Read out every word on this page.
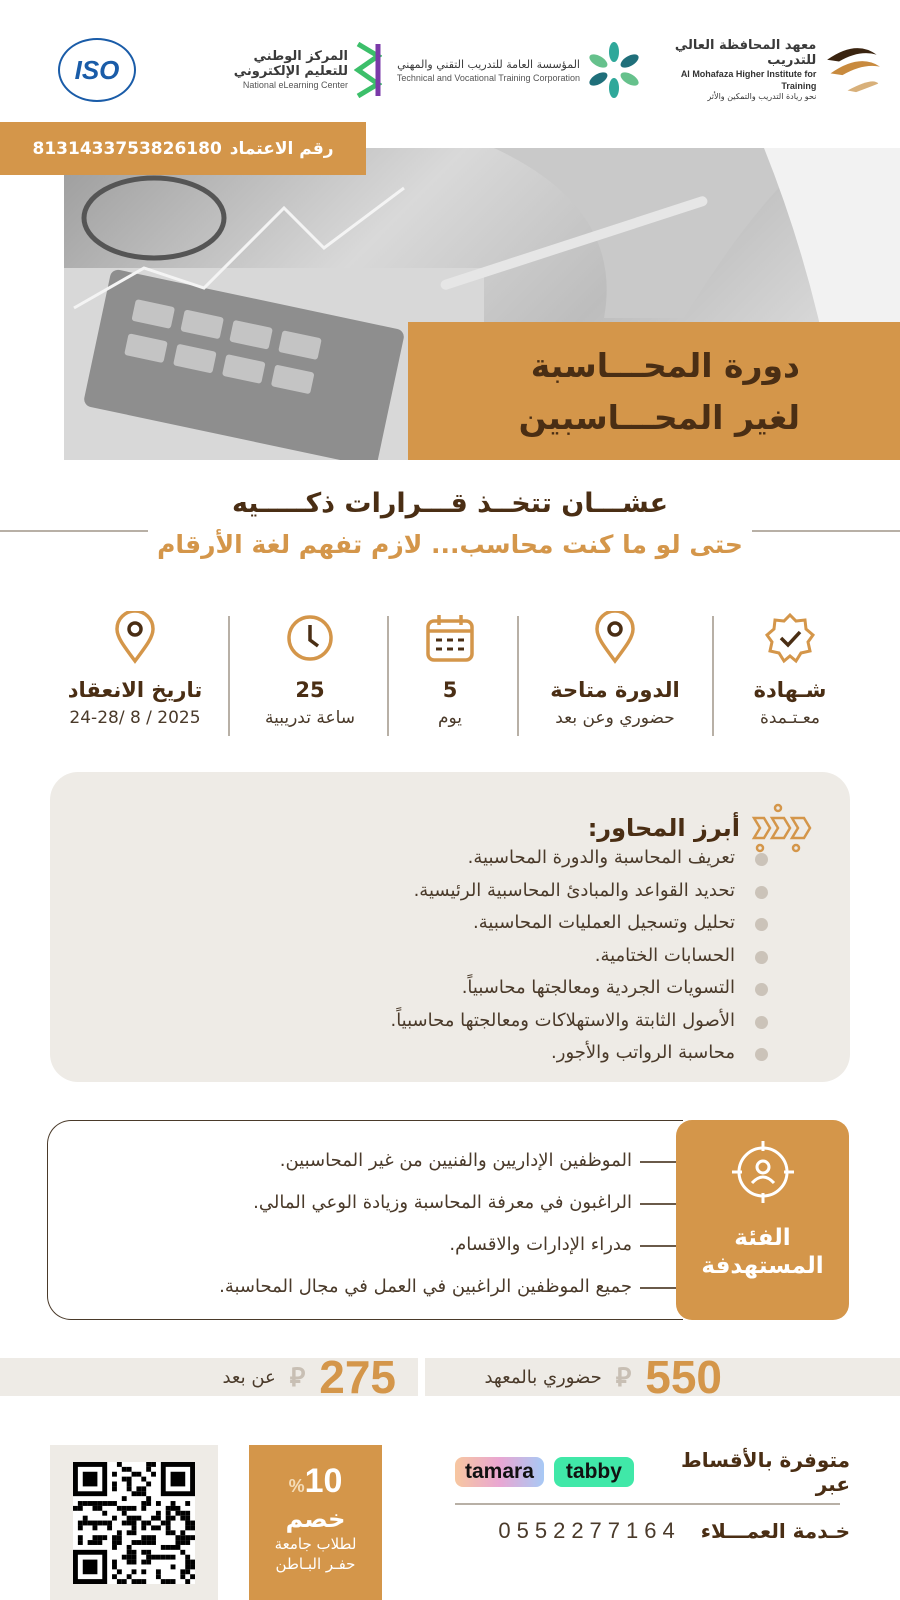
ISO	المركز الوطني
للتعليم الإلكتروني
National eLearning Center
المؤسسة العامة للتدريب التقني والمهني
Technical and Vocational Training Corporation
معهد المحافظة العالي للتدريب
Al Mohafaza Higher Institute for Training
نحو ريادة التدريب والتمكين والأثر
رقم الاعتماد
8131433753826180
دورة المحـــاسبة
لغير المحـــاسبين
عشـــان تتخــذ قـــرارات ذكـــــيه
حتى لو ما كنت محاسب... لازم تفهم لغة الأرقام
شـهادة
معـتـمدة
الدورة متاحة
حضوري وعن بعد
5
يوم
25
ساعة تدريبية
تاريخ الانعقاد
24-28/ 8 / 2025
أبرز المحاور:
تعريف المحاسبة والدورة المحاسبية.
تحديد القواعد والمبادئ المحاسبية الرئيسية.
تحليل وتسجيل العمليات المحاسبية.
الحسابات الختامية.
التسويات الجردية ومعالجتها محاسبياً.
الأصول الثابتة والاستهلاكات ومعالجتها محاسبياً.
محاسبة الرواتب والأجور.
الموظفين الإداريين والفنيين من غير المحاسبين.
الراغبون في معرفة المحاسبة وزيادة الوعي المالي.
مدراء الإدارات والاقسام.
جميع الموظفين الراغبين في العمل في مجال المحاسبة.
الفئة
المستهدفة
550
⃁
حضوري بالمعهد
275
⃁
عن بعد
%10
خصم
لطلاب جامعة
حفـر البـاطن
متوفرة بالأقساط عبر
tabby
tamara
خـدمة العمـــلاء
0552277164
